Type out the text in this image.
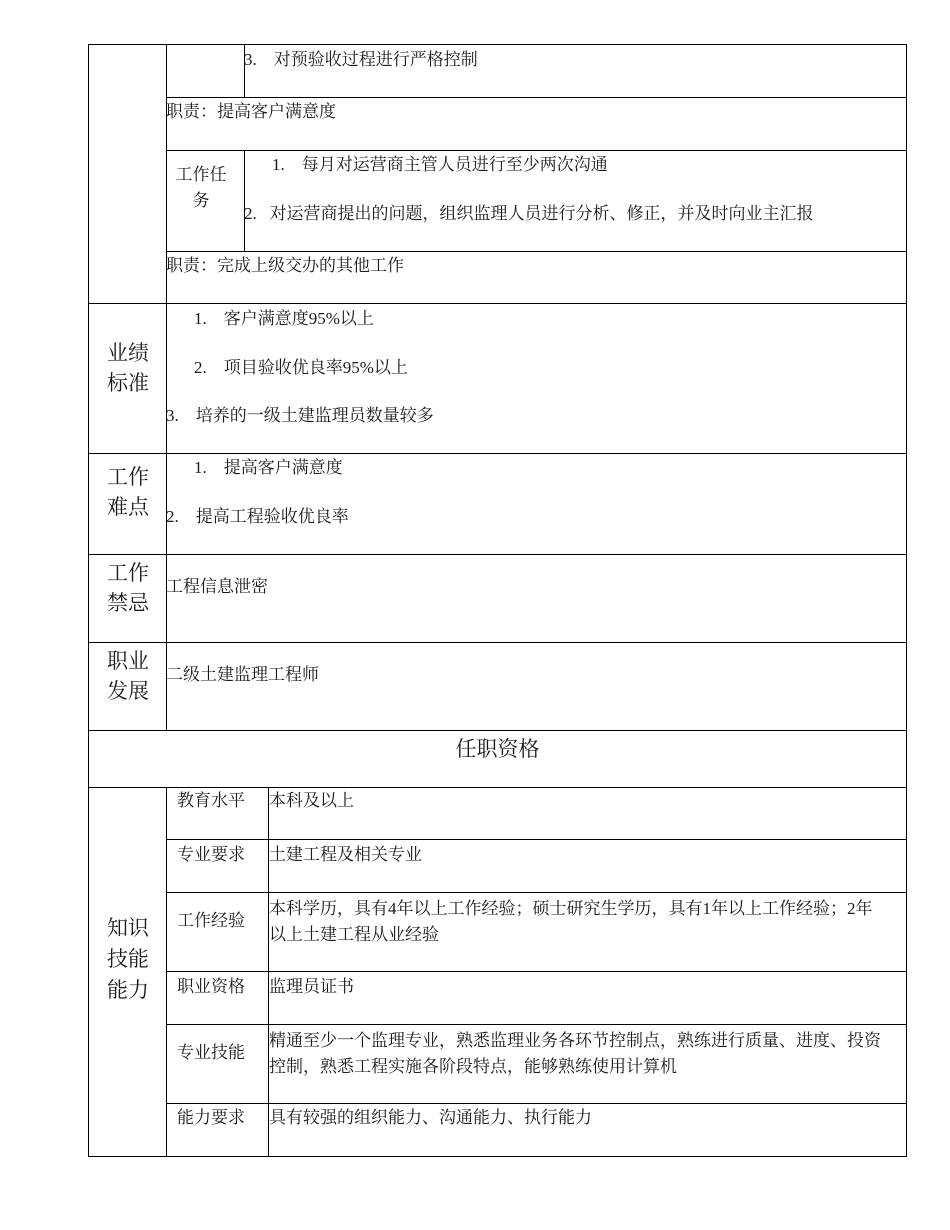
3.    对预验收过程进行严格控制
职责：提高客户满意度
工作任务
1.    每月对运营商主管人员进行至少两次沟通
2.   对运营商提出的问题，组织监理人员进行分析、修正，并及时向业主汇报
职责：完成上级交办的其他工作
业绩标准
1.    客户满意度95%以上
2.    项目验收优良率95%以上
3.    培养的一级土建监理员数量较多
工作难点
1.    提高客户满意度
2.    提高工程验收优良率
工作禁忌
工程信息泄密
职业发展
二级土建监理工程师
任职资格
知识技能能力
教育水平 本科及以上
专业要求 土建工程及相关专业
工作经验
本科学历，具有4年以上工作经验；硕士研究生学历，具有1年以上工作经验；2年以上土建工程从业经验
职业资格 监理员证书
专业技能
精通至少一个监理专业，熟悉监理业务各环节控制点，熟练进行质量、进度、投资控制，熟悉工程实施各阶段特点，能够熟练使用计算机
能力要求 具有较强的组织能力、沟通能力、执行能力
